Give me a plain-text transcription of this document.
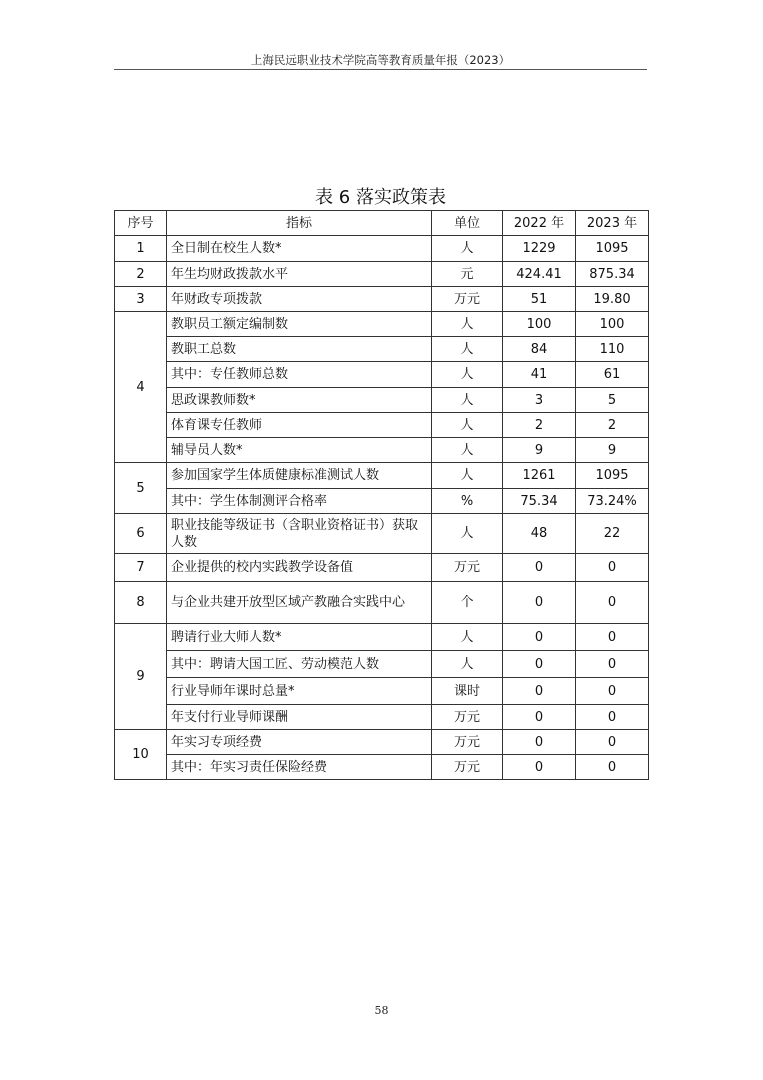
上海民远职业技术学院高等教育质量年报（2023）
表 6 落实政策表
序号	指标	单位	2022 年	2023 年
1	全日制在校生人数*	人	1229	1095
2	年生均财政拨款水平	元	424.41	875.34
3	年财政专项拨款	万元	51	19.80
4	教职员工额定编制数	人	100	100
	教职工总数	人	84	110
	其中：专任教师总数	人	41	61
	思政课教师数*	人	3	5
	体育课专任教师	人	2	2
	辅导员人数*	人	9	9
5	参加国家学生体质健康标准测试人数	人	1261	1095
	其中：学生体制测评合格率	%	75.34	73.24%
6	职业技能等级证书（含职业资格证书）获取人数	人	48	22
7	企业提供的校内实践教学设备值	万元	0	0
8	与企业共建开放型区域产教融合实践中心	个	0	0
9	聘请行业大师人数*	人	0	0
	其中：聘请大国工匠、劳动模范人数	人	0	0
	行业导师年课时总量*	课时	0	0
	年支付行业导师课酬	万元	0	0
10	年实习专项经费	万元	0	0
	其中：年实习责任保险经费	万元	0	0
58
